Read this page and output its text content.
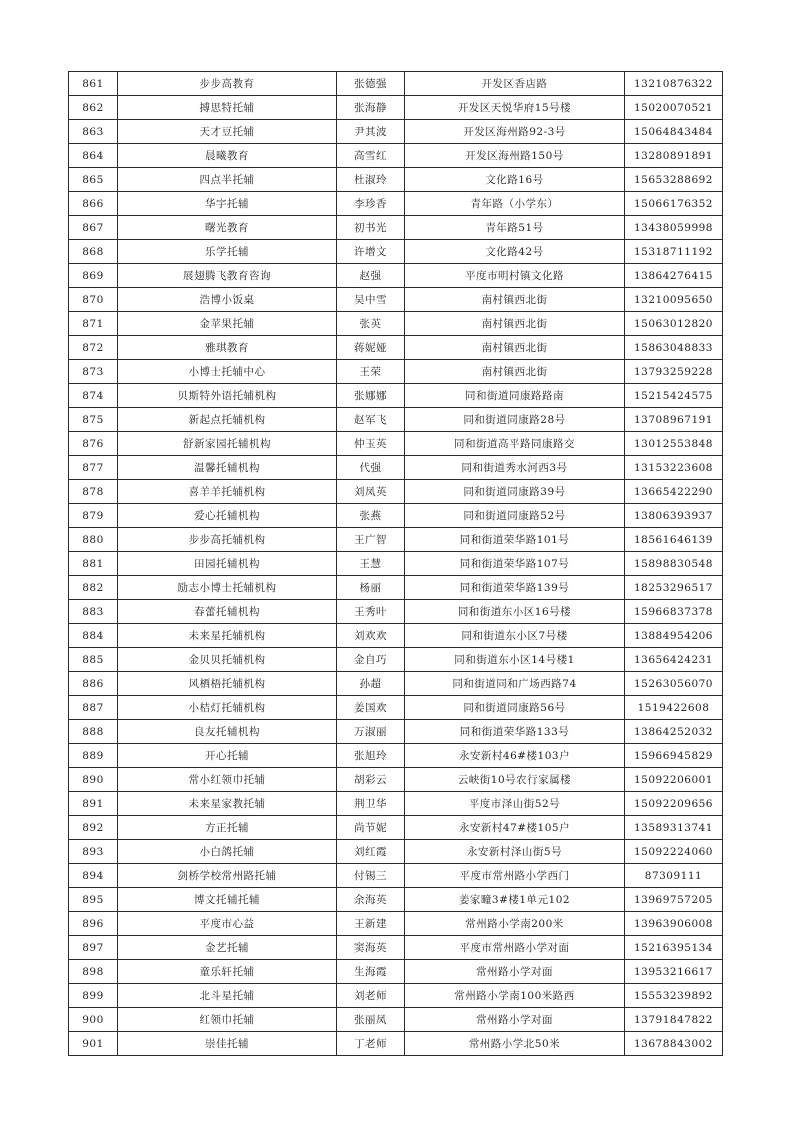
861	步步高教育	张德强	开发区香店路	13210876322
862	搏思特托辅	张海静	开发区天悦华府15号楼	15020070521
863	天才豆托辅	尹其波	开发区海州路92-3号	15064843484
864	晨曦教育	高雪红	开发区海州路150号	13280891891
865	四点半托辅	杜淑玲	文化路16号	15653288692
866	华宇托辅	李珍香	青年路（小学东）	15066176352
867	曙光教育	初书光	青年路51号	13438059998
868	乐学托辅	许增文	文化路42号	15318711192
869	展翅腾飞教育咨询	赵强	平度市明村镇文化路	13864276415
870	浩博小饭桌	吴中雪	南村镇西北街	13210095650
871	金苹果托辅	张英	南村镇西北街	15063012820
872	雅琪教育	蒋妮娅	南村镇西北街	15863048833
873	小博士托辅中心	王荣	南村镇西北街	13793259228
874	贝斯特外语托辅机构	张娜娜	同和街道同康路路南	15215424575
875	新起点托辅机构	赵军飞	同和街道同康路28号	13708967191
876	舒新家园托辅机构	仲玉英	同和街道高平路同康路交	13012553848
877	温馨托辅机构	代强	同和街道秀水河西3号	13153223608
878	喜羊羊托辅机构	刘凤英	同和街道同康路39号	13665422290
879	爱心托辅机构	张燕	同和街道同康路52号	13806393937
880	步步高托辅机构	王广智	同和街道荣华路101号	18561646139
881	田园托辅机构	王慧	同和街道荣华路107号	15898830548
882	励志小博士托辅机构	杨丽	同和街道荣华路139号	18253296517
883	春蕾托辅机构	王秀叶	同和街道东小区16号楼	15966837378
884	未来星托辅机构	刘欢欢	同和街道东小区7号楼	13884954206
885	金贝贝托辅机构	金自巧	同和街道东小区14号楼1	13656424231
886	风栖梧托辅机构	孙超	同和街道同和广场西路74	15263056070
887	小桔灯托辅机构	姜国欢	同和街道同康路56号	1519422608
888	良友托辅机构	万淑丽	同和街道荣华路133号	13864252032
889	开心托辅	张旭玲	永安新村46#楼103户	15966945829
890	常小红领巾托辅	胡彩云	云峡街10号农行家属楼	15092206001
891	未来星家教托辅	荆卫华	平度市泽山街52号	15092209656
892	方正托辅	尚节妮	永安新村47#楼105户	13589313741
893	小白鸽托辅	刘红霞	永安新村泽山街5号	15092224060
894	剑桥学校常州路托辅	付锡三	平度市常州路小学西门	87309111
895	博文托辅托辅	余海英	姜家疃3#楼1单元102	13969757205
896	平度市心益	王新建	常州路小学南200米	13963906008
897	金艺托辅	窦海英	平度市常州路小学对面	15216395134
898	童乐轩托辅	生海霞	常州路小学对面	13953216617
899	北斗星托辅	刘老师	常州路小学南100米路西	15553239892
900	红领巾托辅	张丽凤	常州路小学对面	13791847822
901	崇佳托辅	丁老师	常州路小学北50米	13678843002
